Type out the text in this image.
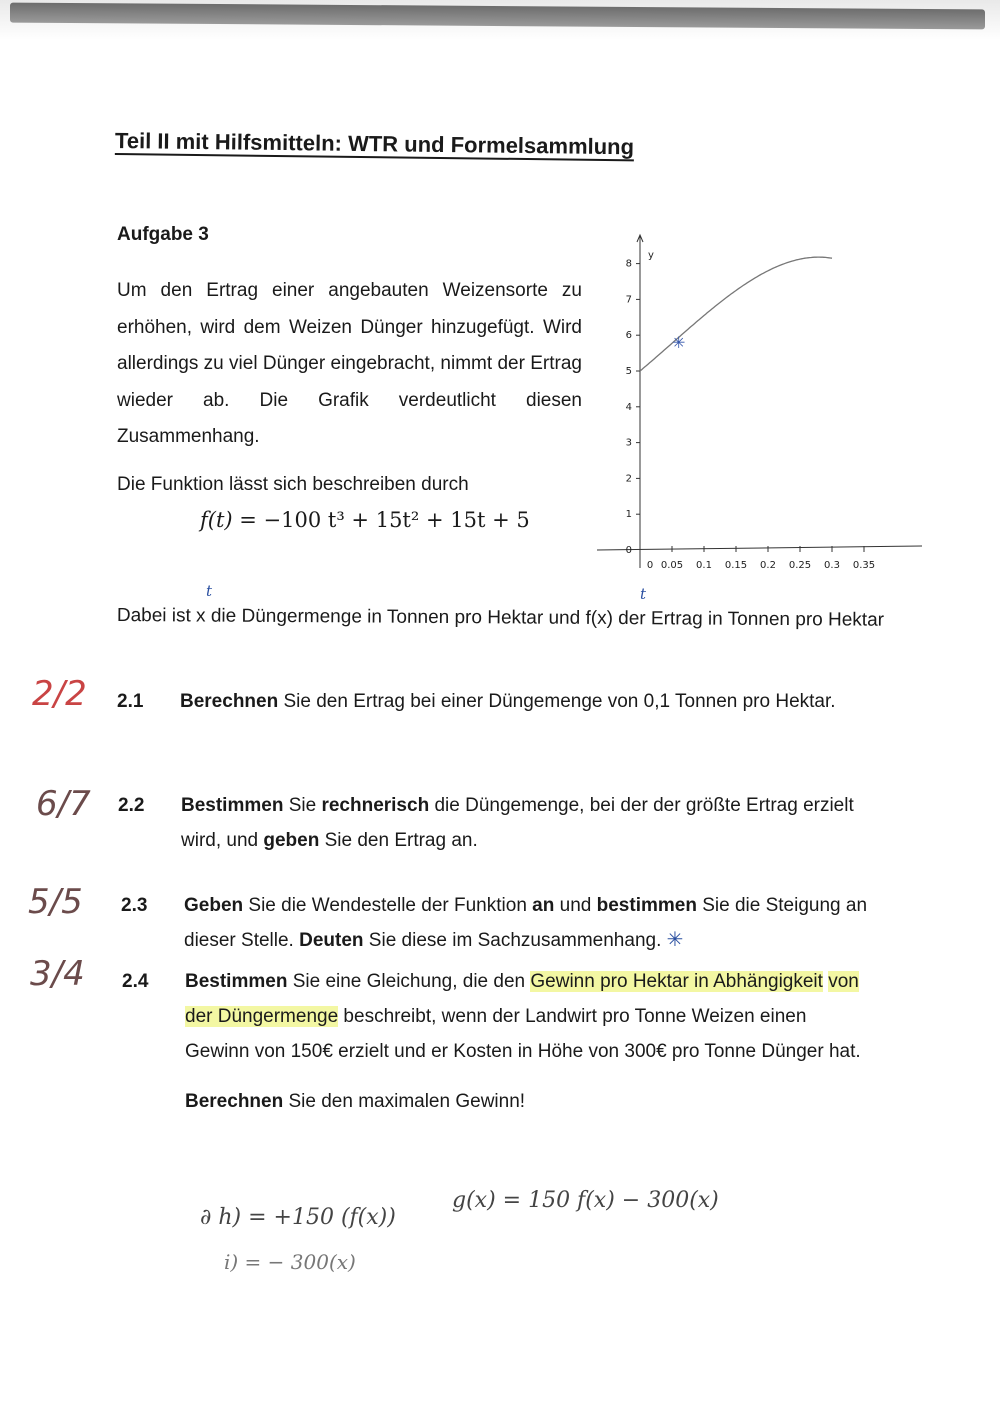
Teil II mit Hilfsmitteln: WTR und Formelsammlung
Aufgabe 3

Um den Ertrag einer angebauten Weizensorte zu erhöhen, wird dem Weizen Dünger hinzugefügt. Wird allerdings zu viel Dünger eingebracht, nimmt der Ertrag wieder ab. Die Grafik verdeutlicht diesen Zusammenhang.

Die Funktion lässt sich beschreiben durch
f(t) = −100 t³ + 15t² + 15t + 5
0
1
2
3
4
5
6
7
8
0 0.05 0.1 0.15 0.2 0.25 0.3 0.35
y
✳
Dabei ist x die Düngermenge in Tonnen pro Hektar und f(x) der Ertrag in Tonnen pro Hektar
t	t
2.1 Berechnen Sie den Ertrag bei einer Düngemenge von 0,1 Tonnen pro Hektar.

2.2 Bestimmen Sie rechnerisch die Düngemenge, bei der der größte Ertrag erzielt wird, und geben Sie den Ertrag an.

2.3 Geben Sie die Wendestelle der Funktion an und bestimmen Sie die Steigung an dieser Stelle. Deuten Sie diese im Sachzusammenhang. ✳

2.4 Bestimmen Sie eine Gleichung, die den Gewinn pro Hektar in Abhängigkeit von der Düngermenge beschreibt, wenn der Landwirt pro Tonne Weizen einen Gewinn von 150€ erzielt und er Kosten in Höhe von 300€ pro Tonne Dünger hat.

Berechnen Sie den maximalen Gewinn!

2/2
6/7
5/5
3/4
∂ h) = +150 (f(x))
g(x) = 150 f(x) − 300(x)
i) = − 300(x)
